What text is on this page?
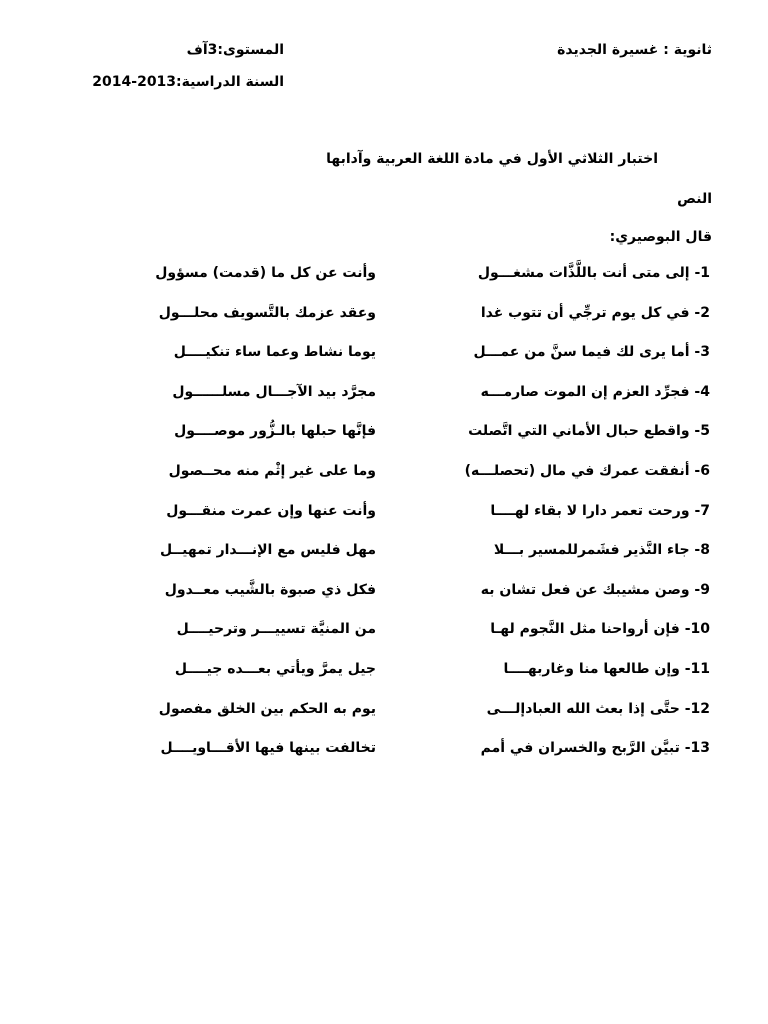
ثانوية : غسيرة الجديدة
المستوى:3آف
السنة الدراسية:2013-2014
اختبار الثلاثي الأول في مادة اللغة العربية وآدابها
النص
قال البوصيري:
1- إلى متى أنت باللَّذَّات مشغـــول
وأنت عن كل ما (قدمت) مسؤول
2- في كل يوم ترجِّي أن تتوب غدا
وعقد عزمك بالتَّسويف محلـــول
3- أما يرى لك فيما سنَّ من عمـــل
يوما نشاط وعما ساء تنكيــــل
4- فجرِّد العزم إن الموت صارمـــه
مجرَّد بيد الآجـــال مسلــــــول
5- واقطع حبال الأماني التي اتَّصلت
فإنَّها حبلها بالـزُّور موصــــول
6- أنفقت عمرك في مال (تحصلـــه)
وما على غير إثْم منه محــصول
7- ورحت تعمر دارا لا بقاء لهــــا
وأنت عنها وإن عمرت منقـــول
8- جاء النَّذير فشَمرللمسير بـــلا
مهل فليس مع الإنـــدار تمهيــل
9- وصن مشيبك عن فعل تشان به
فكل ذي صبوة بالشَّيب معــدول
10- فإن أرواحنا مثل النَّجوم لهـا
من المنيَّة تسييـــر وترحيــــل
11- وإن طالعها منا وغاربهــــا
جيل يمرَّ ويأتي بعـــده جيــــل
12- حتَّى إذا بعث الله العبادإلـــى
يوم به الحكم بين الخلق مفصول
13- تبيَّن الرَّبح والخسران في أمم
تخالفت بينها فيها الأقـــاويــــل
